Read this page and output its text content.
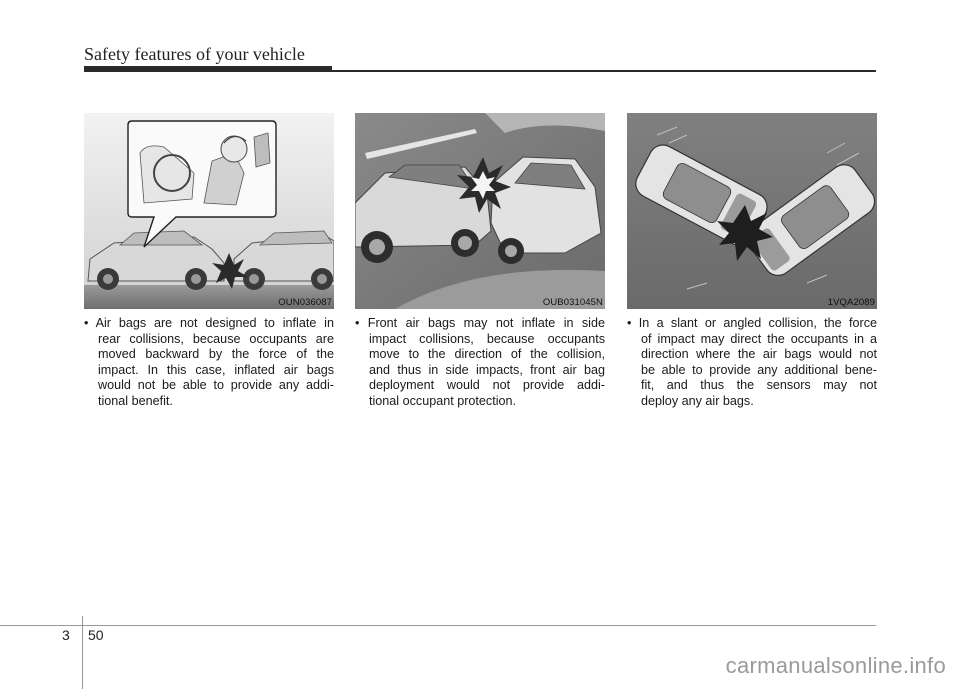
Safety features of your vehicle
OUN036087	OUB031045N	1VQA2089
• Air bags are not designed to inflate in
rear collisions, because occupants are
moved backward by the force of the
impact. In this case, inflated air bags
would not be able to provide any addi-
tional benefit.
• Front air bags may not inflate in side
impact collisions, because occupants
move to the direction of the collision,
and thus in side impacts, front air bag
deployment would not provide addi-
tional occupant protection.
• In a slant or angled collision, the force
of impact may direct the occupants in a
direction where the air bags would not
be able to provide any additional bene-
fit, and thus the sensors may not
deploy any air bags.
3 50
carmanualsonline.info
